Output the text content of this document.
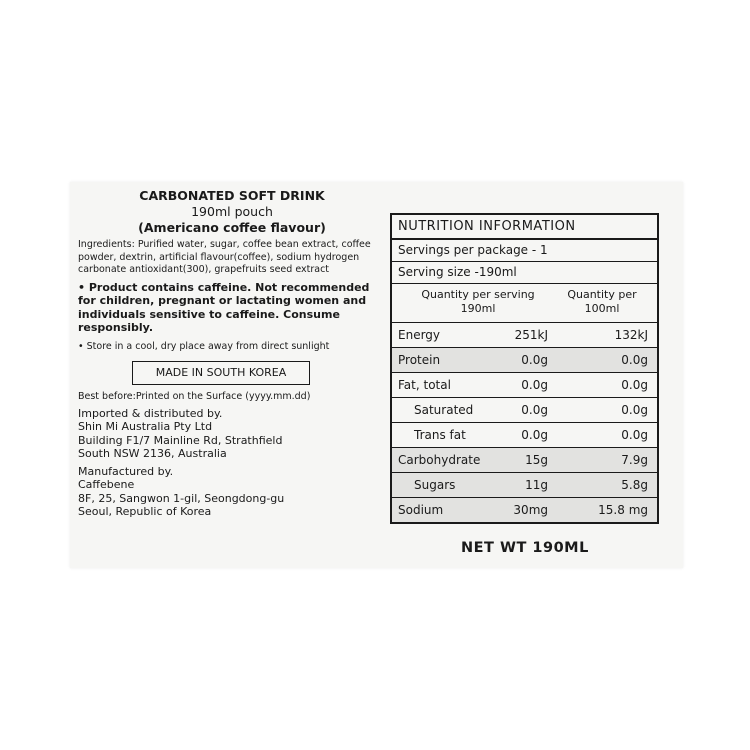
CARBONATED SOFT DRINK

190ml pouch

(Americano coffee flavour)

Ingredients: Purified water, sugar, coffee bean extract, coffee powder, dextrin, artificial flavour(coffee), sodium hydrogen carbonate antioxidant(300), grapefruits seed extract
• Product contains caffeine. Not recommended for children, pregnant or lactating women and individuals sensitive to caffeine. Consume responsibly.
• Store in a cool, dry place away from direct sunlight
MADE IN SOUTH KOREA
Best before:Printed on the Surface (yyyy.mm.dd)
Imported & distributed by.
Shin Mi Australia Pty Ltd
Building F1/7 Mainline Rd, Strathfield
South NSW 2136, Australia
Manufactured by.
Caffebene
8F, 25, Sangwon 1-gil, Seongdong-gu
Seoul, Republic of Korea
NUTRITION INFORMATION
Servings per package - 1
Serving size -190ml
Quantity per serving
190ml
Quantity per
100ml
Energy	251kJ	132kJ
Protein	0.0g	0.0g
Fat, total	0.0g	0.0g
Saturated	0.0g	0.0g
Trans fat	0.0g	0.0g
Carbohydrate	15g	7.9g
Sugars	11g	5.8g
Sodium	30mg	15.8 mg
NET WT 190ML
